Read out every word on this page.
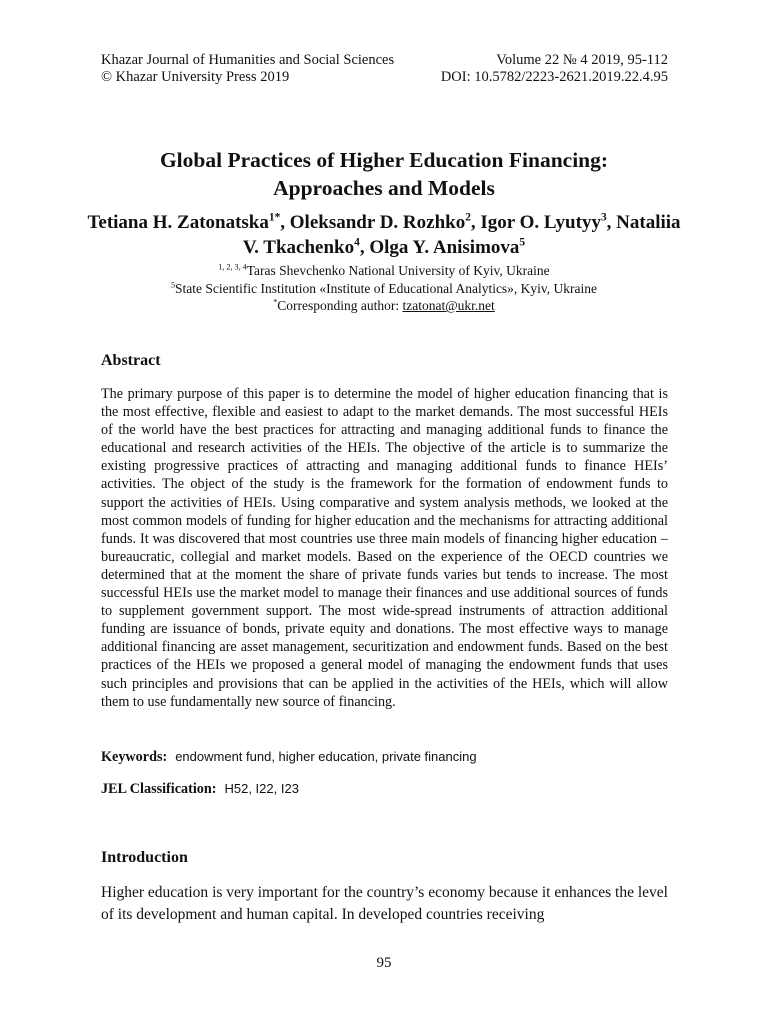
Khazar Journal of Humanities and Social Sciences	Volume 22 № 4 2019, 95-112
© Khazar University Press 2019	DOI: 10.5782/2223-2621.2019.22.4.95
Global Practices of Higher Education Financing:
Approaches and Models
Tetiana H. Zatonatska$^{1*}$, Oleksandr D. Rozhko$^2$, Igor O. Lyutyy$^3$, Nataliia V. Tkachenko$^4$, Olga Y. Anisimova$^5$
$^{1, 2, 3, 4}$Taras Shevchenko National University of Kyiv, Ukraine
$^5$State Scientific Institution «Institute of Educational Analytics», Kyiv, Ukraine
*Corresponding author: tzatonat@ukr.net
Abstract
The primary purpose of this paper is to determine the model of higher education financing that is the most effective, flexible and easiest to adapt to the market demands. The most successful HEIs of the world have the best practices for attracting and managing additional funds to finance the educational and research activities of the HEIs. The objective of the article is to summarize the existing progressive practices of attracting and managing additional funds to finance HEIs’ activities. The object of the study is the framework for the formation of endowment funds to support the activities of HEIs. Using comparative and system analysis methods, we looked at the most common models of funding for higher education and the mechanisms for attracting additional funds. It was discovered that most countries use three main models of financing higher education – bureaucratic, collegial and market models. Based on the experience of the OECD countries we determined that at the moment the share of private funds varies but tends to increase. The most successful HEIs use the market model to manage their finances and use additional sources of funds to supplement government support. The most wide-spread instruments of attraction additional funding are issuance of bonds, private equity and donations. The most effective ways to manage additional financing are asset management, securitization and endowment funds. Based on the best practices of the HEIs we proposed a general model of managing the endowment funds that uses such principles and provisions that can be applied in the activities of the HEIs, which will allow them to use fundamentally new source of financing.
Keywords: endowment fund, higher education, private financing
JEL Classification: H52, I22, I23
Introduction
Higher education is very important for the country’s economy because it enhances the level of its development and human capital. In developed countries receiving
95
